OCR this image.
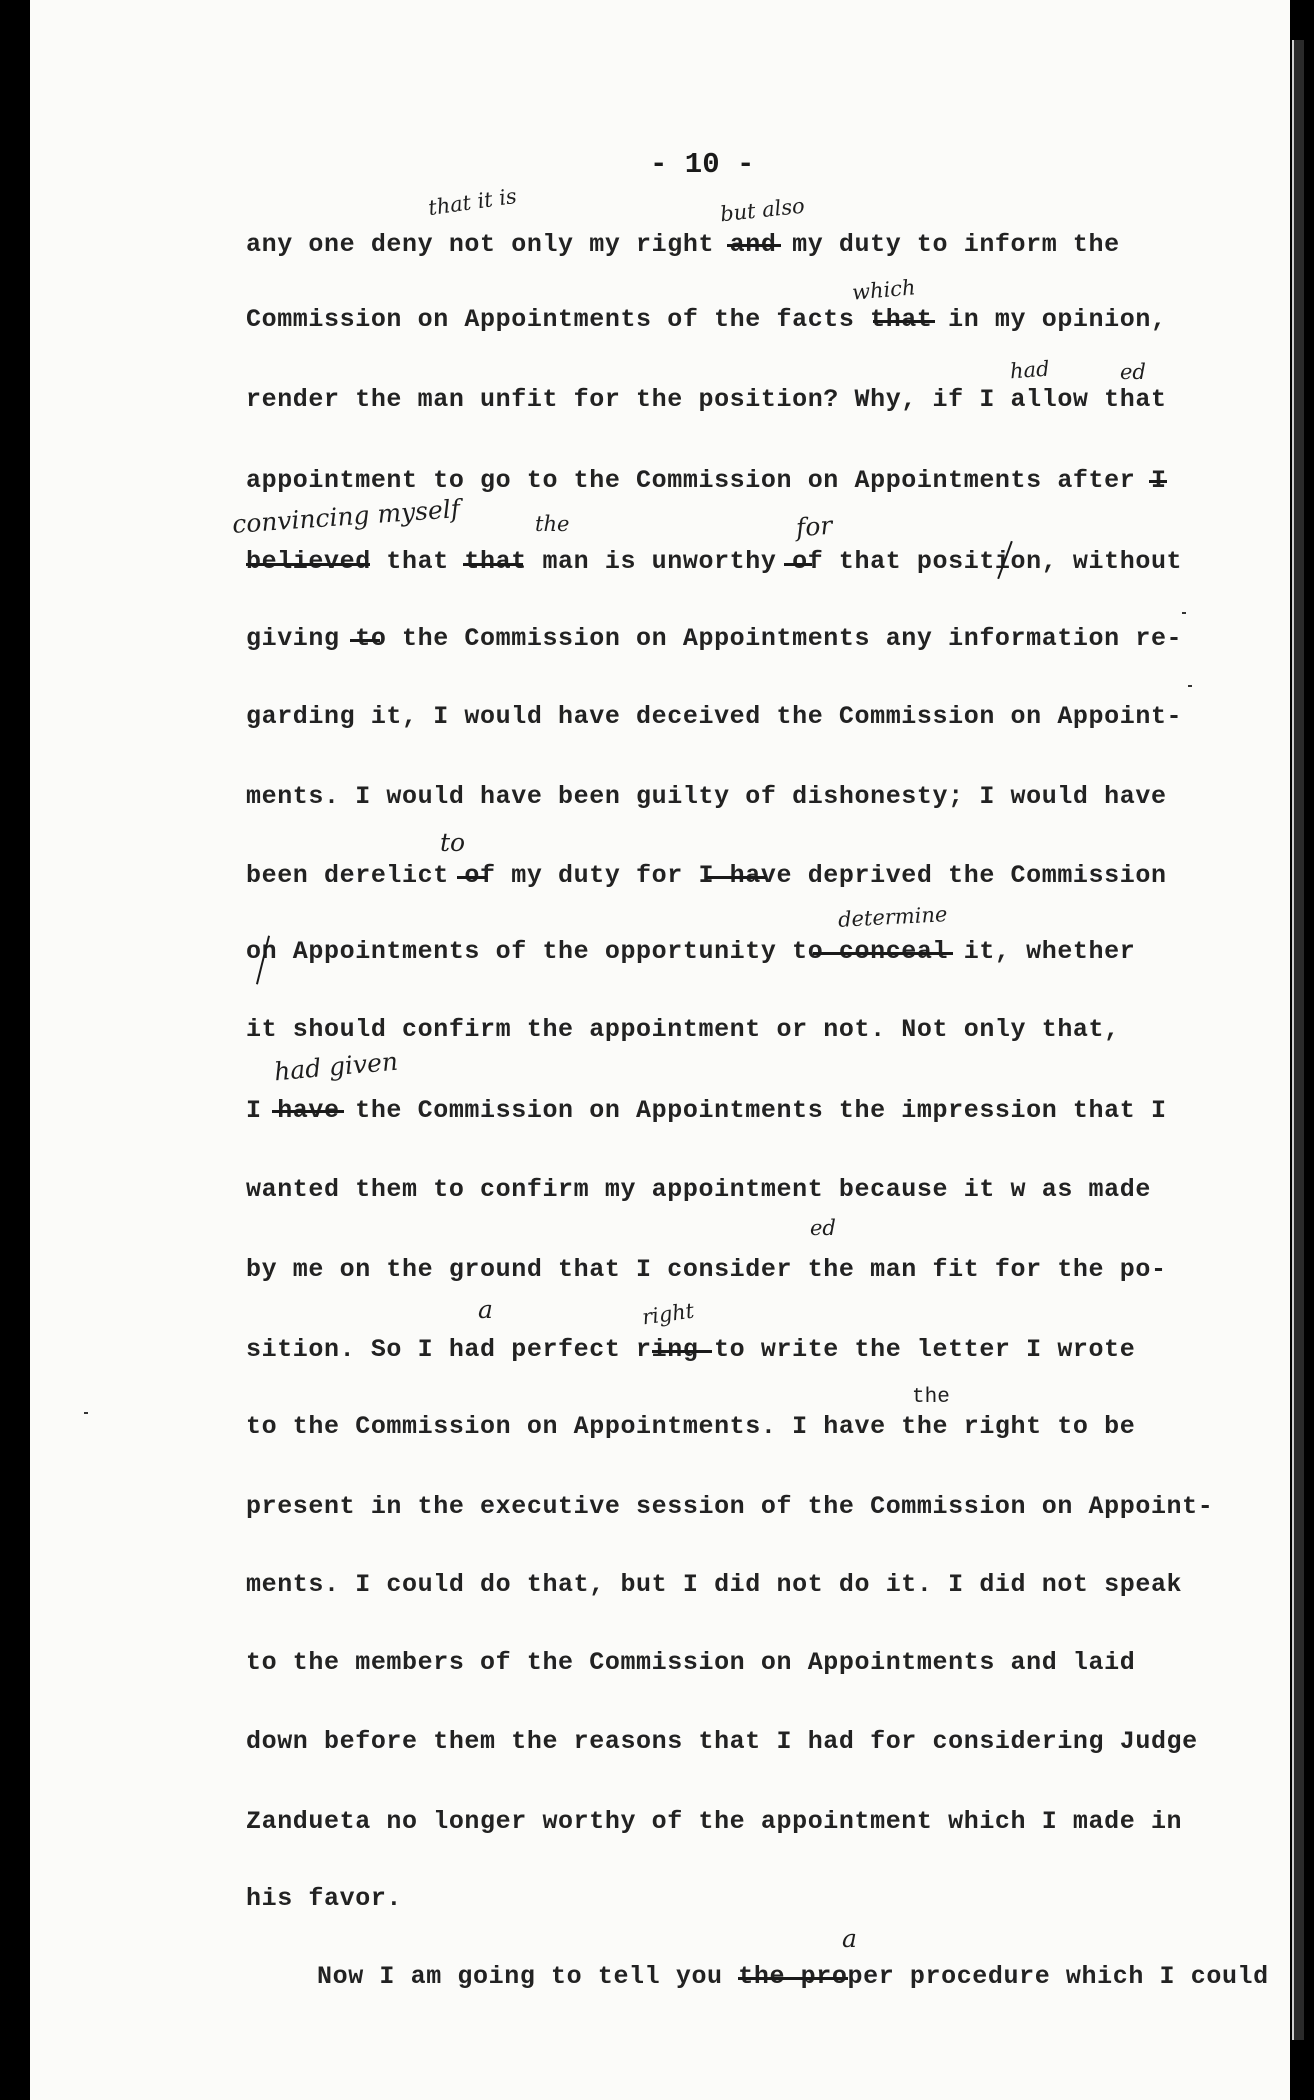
- 10 -

any one deny not only my right and my duty to inform the

Commission on Appointments of the facts that in my opinion,

render the man unfit for the position? Why, if I allow that

appointment to go to the Commission on Appointments after I

believed that that man is unworthy of that position, without

giving to the Commission on Appointments any information re-

garding it, I would have deceived the Commission on Appoint-

ments. I would have been guilty of dishonesty; I would have

been derelict of my duty for I have deprived the Commission

on Appointments of the opportunity to conceal it, whether

it should confirm the appointment or not. Not only that,

I have the Commission on Appointments the impression that I

wanted them to confirm my appointment because it w as made

by me on the ground that I consider the man fit for the po-

sition. So I had perfect ring to write the letter I wrote

to the Commission on Appointments. I have the right to be

present in the executive session of the Commission on Appoint-

ments. I could do that, but I did not do it. I did not speak

to the members of the Commission on Appointments and laid

down before them the reasons that I had for considering Judge

Zandueta no longer worthy of the appointment which I made in

his favor.

Now I am going to tell you the proper procedure which I could

that it is	but also
which
had	ed
convincing myself	the	for
to
determine
had given
ed
a	right
the
a
